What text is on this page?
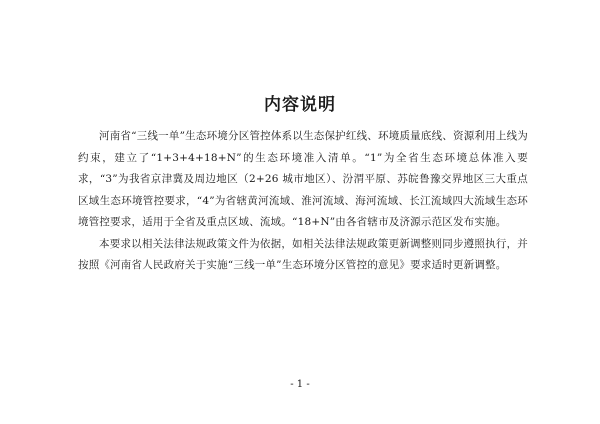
内容说明

河南省“三线一单”生态环境分区管控体系以生态保护红线、环境质量底线、资源利用上线为约束，建立了“1+3+4+18+N”的生态环境准入清单。“1”为全省生态环境总体准入要求，“3”为我省京津冀及周边地区（2+26 城市地区）、汾渭平原、苏皖鲁豫交界地区三大重点区域生态环境管控要求，“4”为省辖黄河流域、淮河流域、海河流域、长江流域四大流域生态环境管控要求，适用于全省及重点区域、流域。“18+N”由各省辖市及济源示范区发布实施。

本要求以相关法律法规政策文件为依据，如相关法律法规政策更新调整则同步遵照执行，并按照《河南省人民政府关于实施“三线一单”生态环境分区管控的意见》要求适时更新调整。

- 1 -
